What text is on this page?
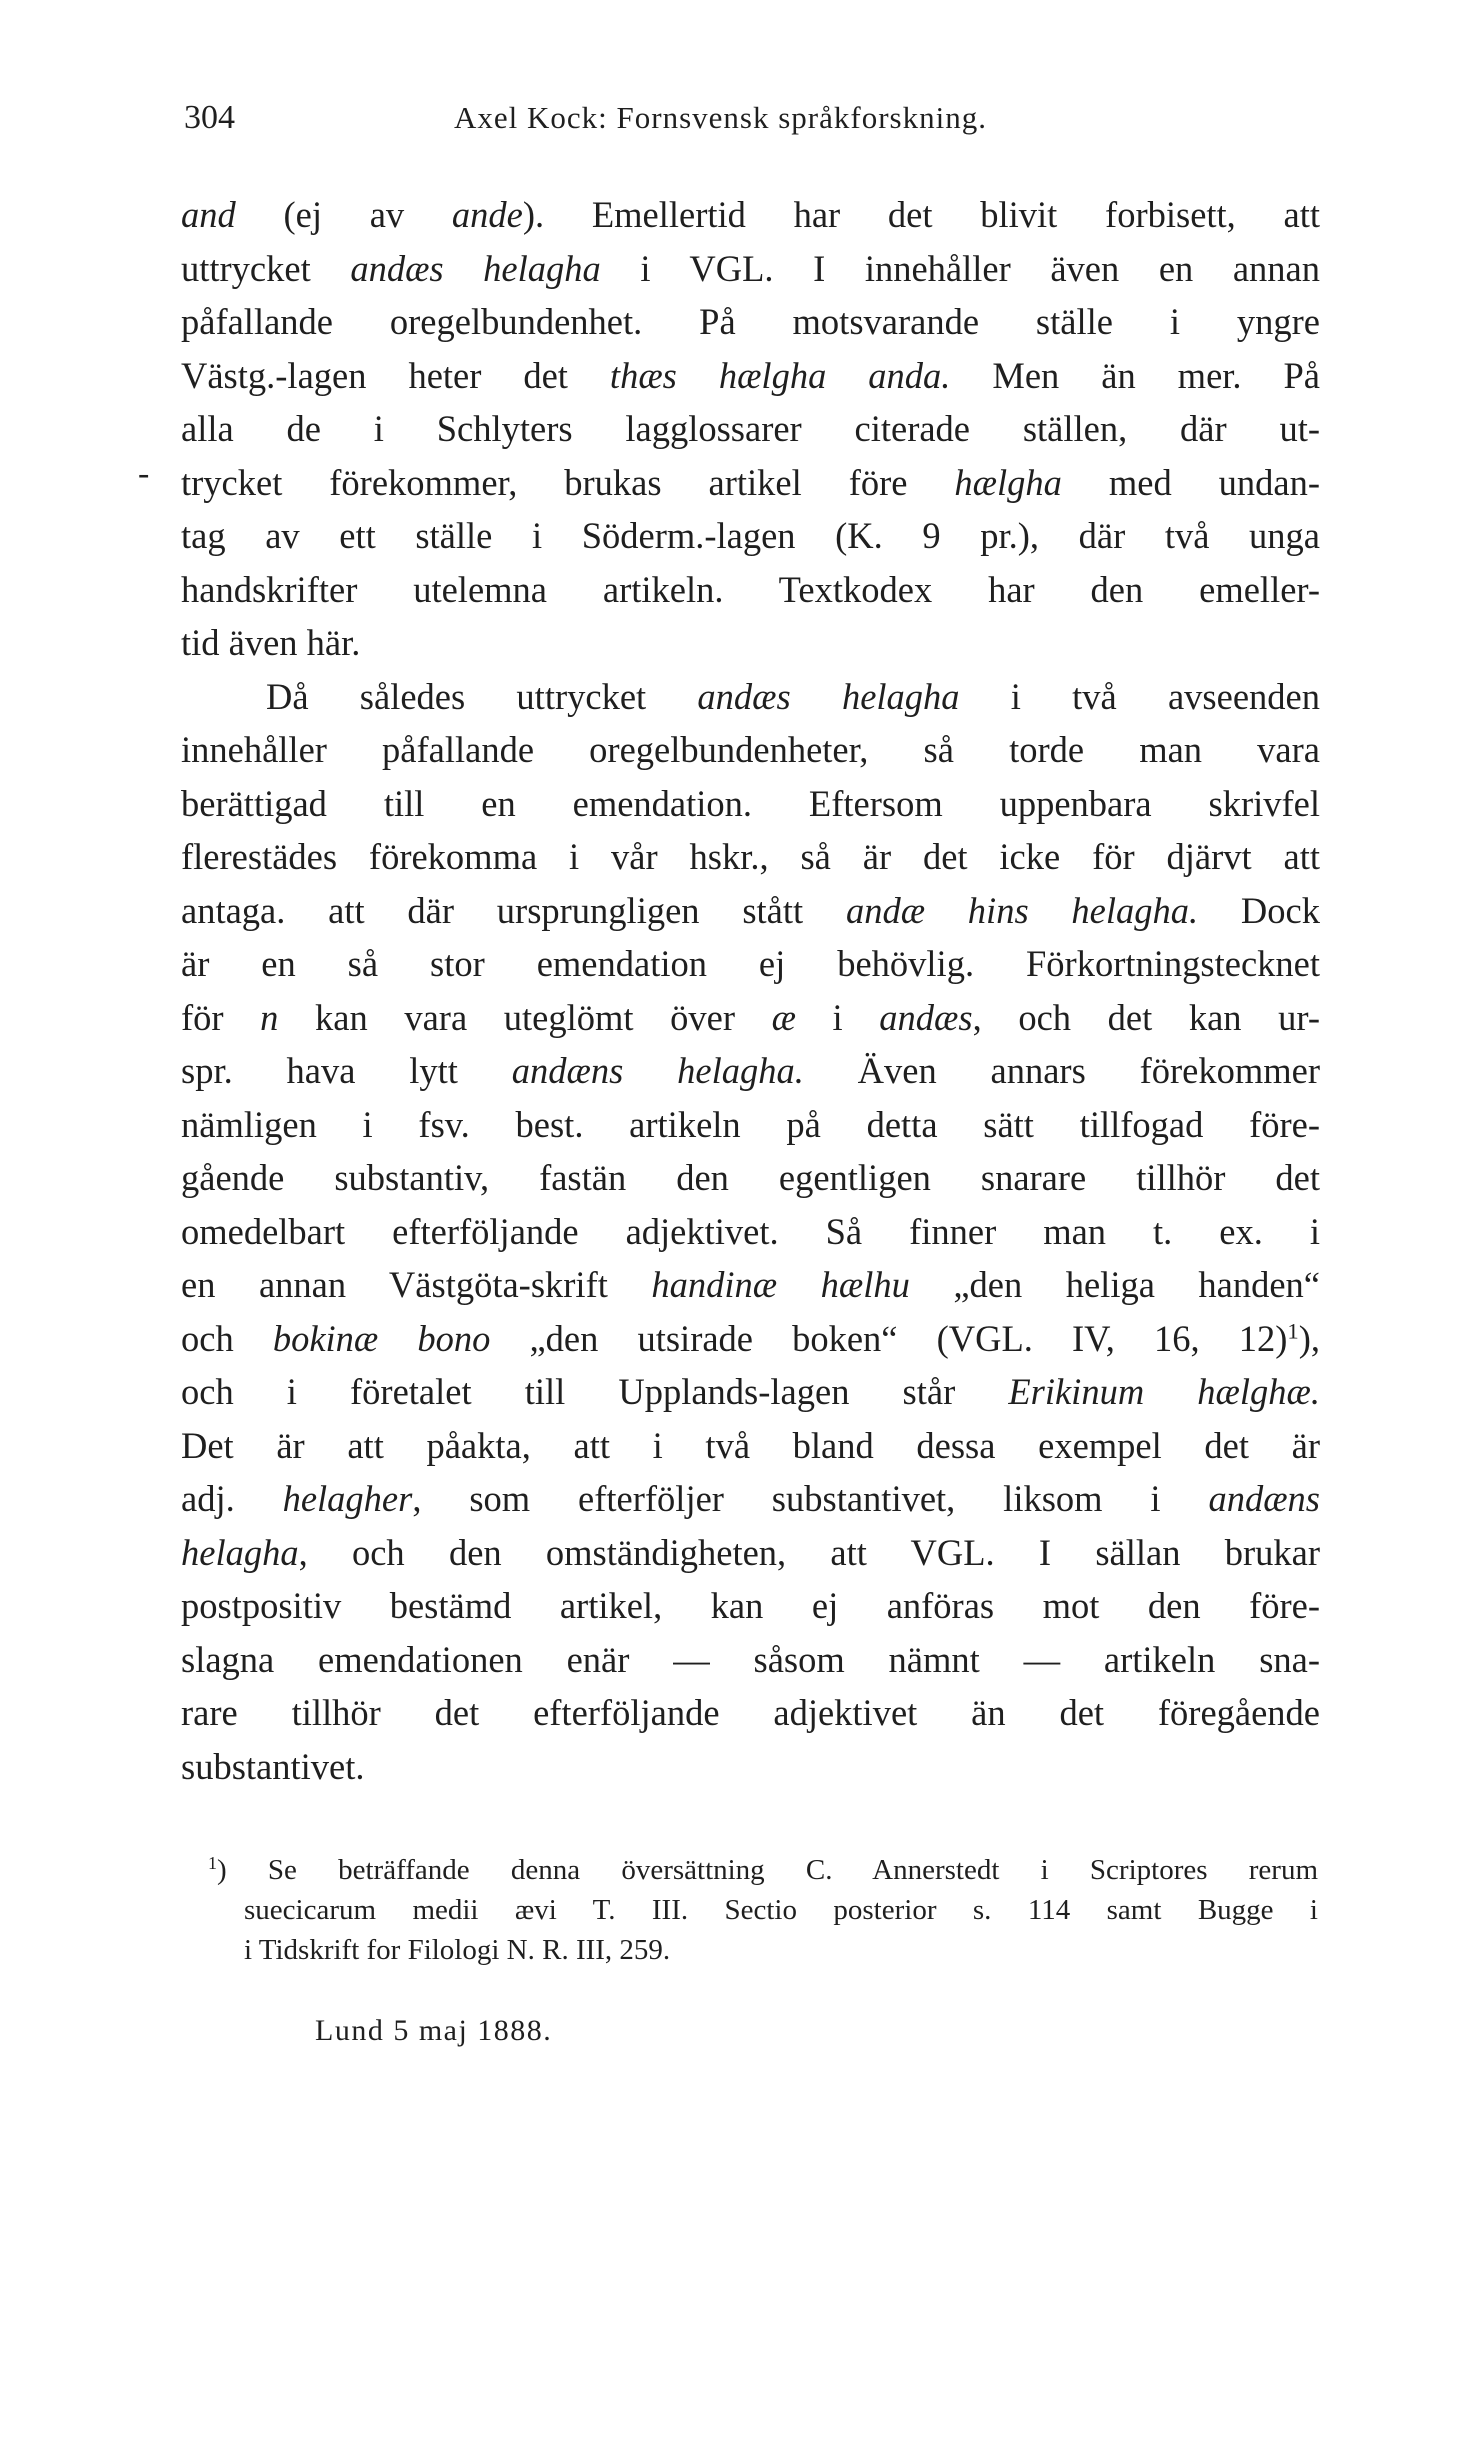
304	Axel Kock: Fornsvensk språkforskning.
-
and (ej av ande). Emellertid har det blivit forbisett, att
uttrycket andæs helagha i VGL. I innehåller även en annan
påfallande oregelbundenhet. På motsvarande ställe i yngre
Västg.-lagen heter det thæs hælgha anda. Men än mer. På
alla de i Schlyters lagglossarer citerade ställen, där ut-
trycket förekommer, brukas artikel före hælgha med undan-
tag av ett ställe i Söderm.-lagen (K. 9 pr.), där två unga
handskrifter utelemna artikeln. Textkodex har den emeller-
tid även här.
Då således uttrycket andæs helagha i två avseenden
innehåller påfallande oregelbundenheter, så torde man vara
berättigad till en emendation. Eftersom uppenbara skrivfel
flerestädes förekomma i vår hskr., så är det icke för djärvt att
antaga. att där ursprungligen stått andæ hins helagha. Dock
är en så stor emendation ej behövlig. Förkortningstecknet
för n kan vara uteglömt över æ i andæs, och det kan ur-
spr. hava lytt andæns helagha. Även annars förekommer
nämligen i fsv. best. artikeln på detta sätt tillfogad före-
gående substantiv, fastän den egentligen snarare tillhör det
omedelbart efterföljande adjektivet. Så finner man t. ex. i
en annan Västgöta-skrift handinæ hælhu „den heliga handen“
och bokinæ bono „den utsirade boken“ (VGL. IV, 16, 12)$^1$),
och i företalet till Upplands-lagen står Erikinum hælghæ.
Det är att påakta, att i två bland dessa exempel det är
adj. helagher, som efterföljer substantivet, liksom i andæns
helagha, och den omständigheten, att VGL. I sällan brukar
postpositiv bestämd artikel, kan ej anföras mot den före-
slagna emendationen enär — såsom nämnt — artikeln sna-
rare tillhör det efterföljande adjektivet än det föregående
substantivet.
$^1$) Se beträffande denna översättning C. Annerstedt i Scriptores rerum
suecicarum medii ævi T. III. Sectio posterior s. 114 samt Bugge i
i Tidskrift for Filologi N. R. III, 259.
Lund 5 maj 1888.
